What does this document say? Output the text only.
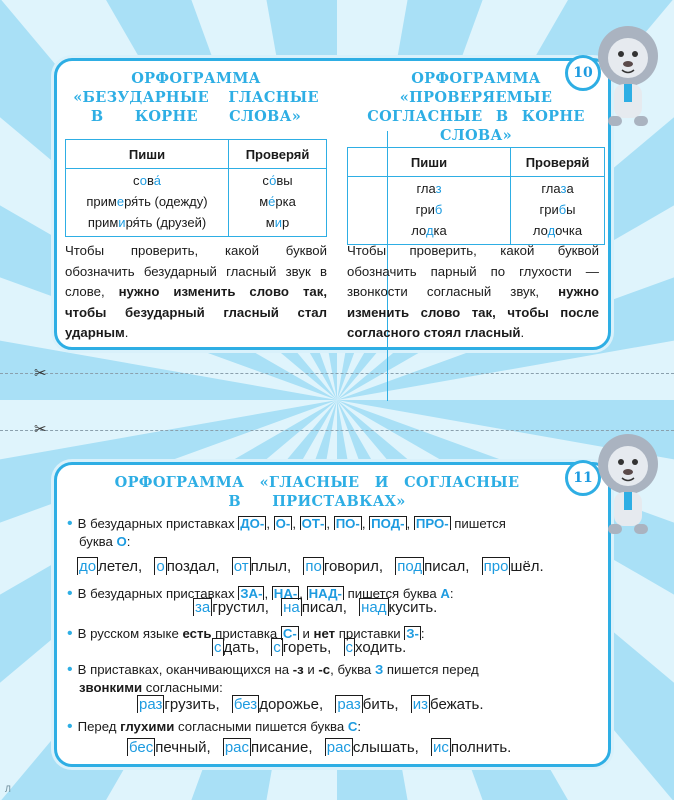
✂
✂
ОРФОГРАММА
«БЕЗУДАРНЫЕ ГЛАСНЫЕ
В КОРНЕ СЛОВА»
Пиши	Проверяй
сова́	со́вы
примеря́ть (одежду)	ме́рка
примиря́ть (друзей)	мир
Чтобы проверить, какой буквой обозначить безударный гласный звук в слове, нужно изменить слово так, чтобы безударный гласный стал ударным.
ОРФОГРАММА
«ПРОВЕРЯЕМЫЕ
СОГЛАСНЫЕ В КОРНЕ
СЛОВА»
Пиши	Проверяй
глаз	глаза
гриб	грибы
лодка	лодочка
Чтобы проверить, какой буквой обозначить парный по глухости — звонкости согласный звук, нужно изменить слово так, чтобы после согласного стоял гласный.
10
ОРФОГРАММА «ГЛАСНЫЕ И СОГЛАСНЫЕ
В ПРИСТАВКАХ»
• В безударных приставках ДО- , О- , ОТ- , ПО- , ПОД- , ПРО- пишется
буква О:
до летел, о поздал, от плыл, по говорил, под писал, про шёл.
• В безударных приставках ЗА- , НА- , НАД- пишется буква А:
за грустил, на писал, над кусить.
• В русском языке есть приставка С- и нет приставки З- :
с дать, с гореть, с ходить.
• В приставках, оканчивающихся на -з и -с, буква З пишется перед
звонкими согласными:
раз грузить, без дорожье, раз бить, из бежать.
• Перед глухими согласными пишется буква С:
бес печный, рас писание, рас слышать, ис полнить.
11
Л
